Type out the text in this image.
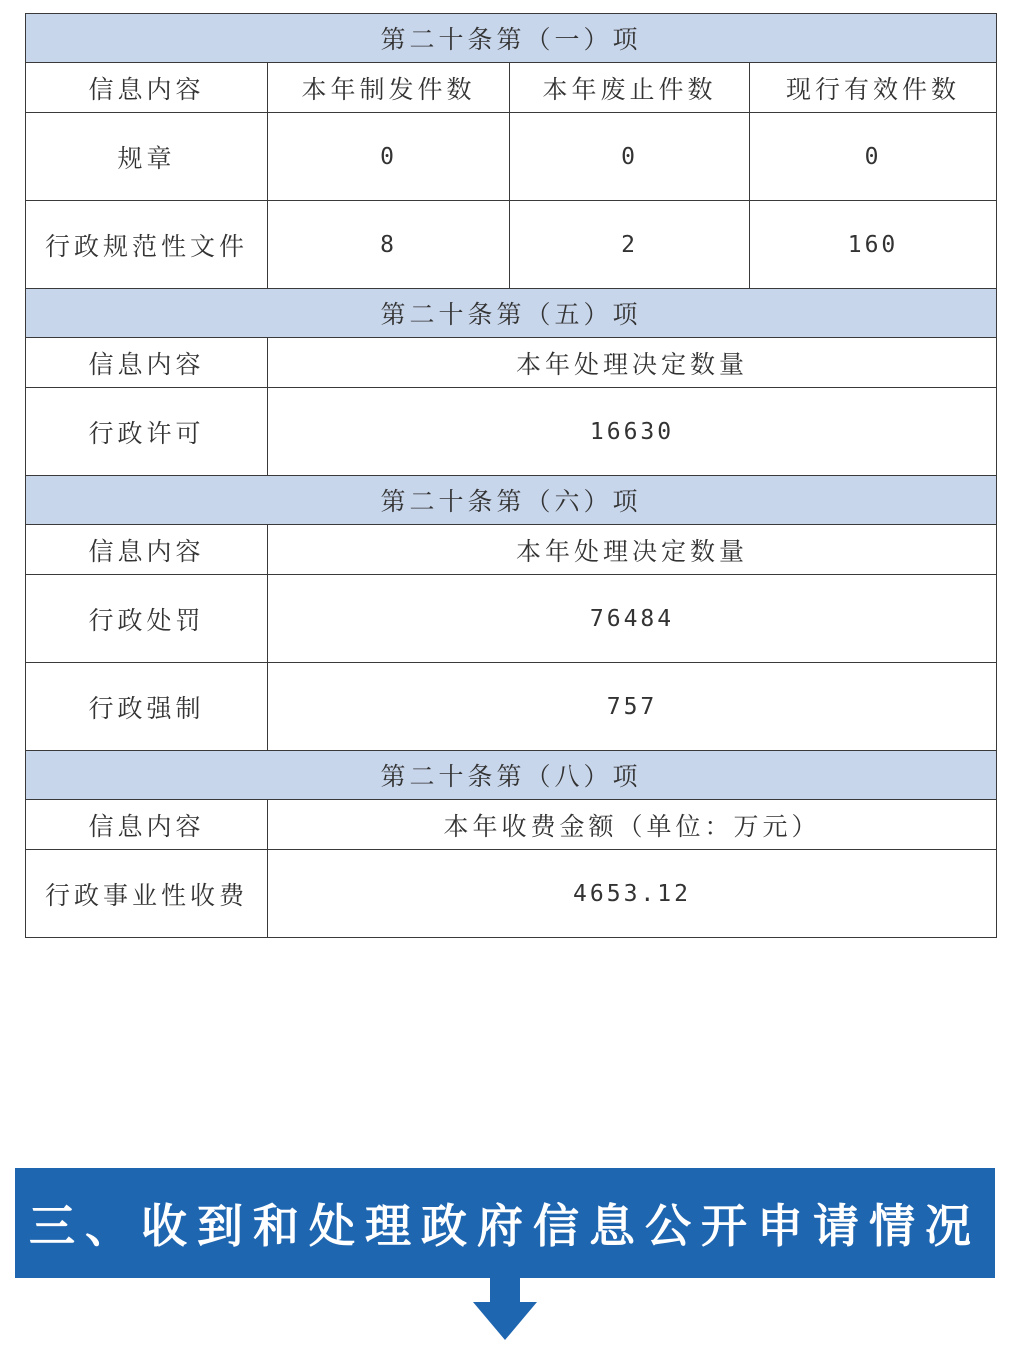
第二十条第（一）项			
信息内容	本年制发件数	本年废止件数	现行有效件数
规章	0	0	0
行政规范性文件	8	2	160
第二十条第（五）项			
信息内容	本年处理决定数量		
行政许可	16630		
第二十条第（六）项			
信息内容	本年处理决定数量		
行政处罚	76484		
行政强制	757		
第二十条第（八）项			
信息内容	本年收费金额（单位：万元）		
行政事业性收费	4653.12		
三、收到和处理政府信息公开申请情况
